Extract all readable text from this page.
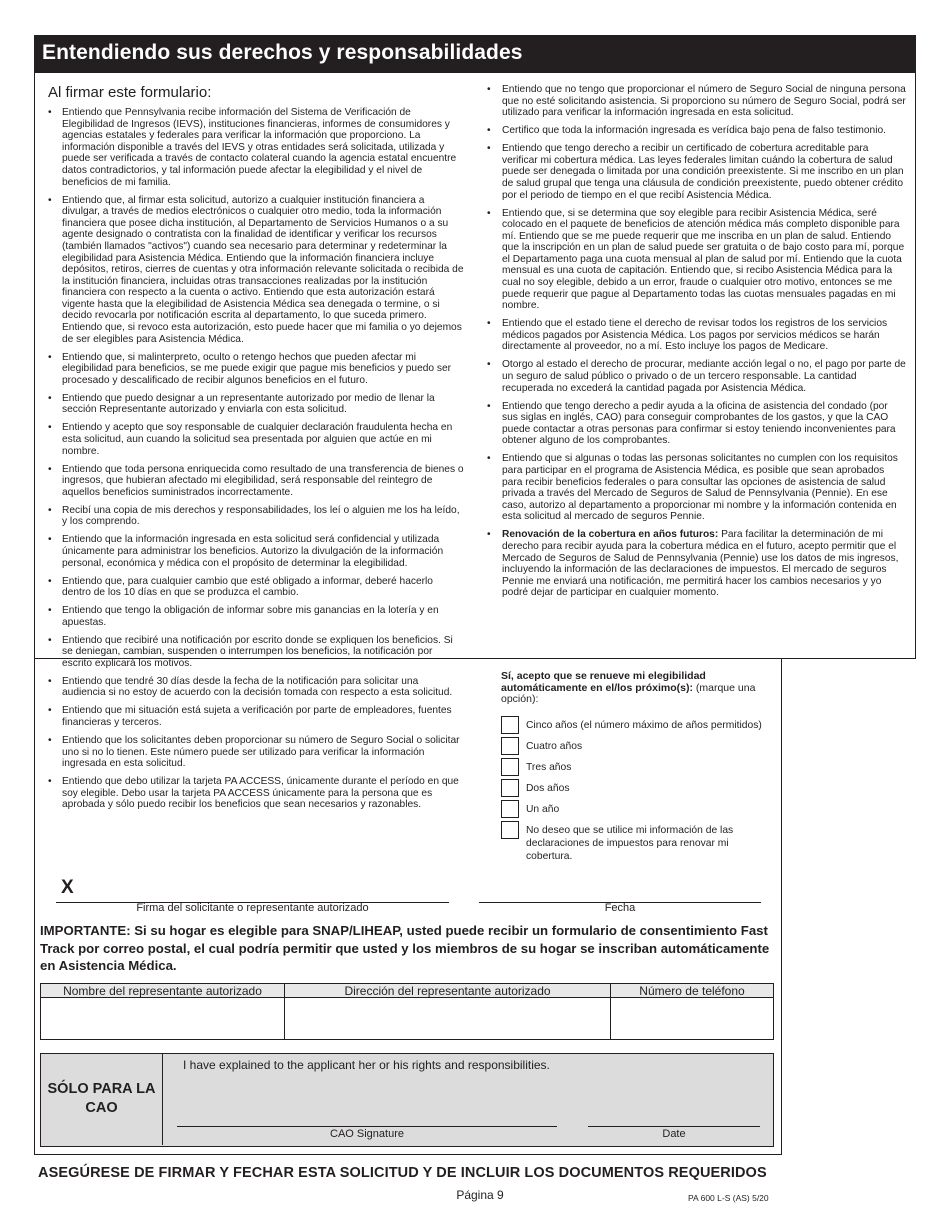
Entendiendo sus derechos y responsabilidades
Al firmar este formulario:
• Entiendo que Pennsylvania recibe información del Sistema de Verificación de Elegibilidad de Ingresos (IEVS), instituciones financieras, informes de consumidores y agencias estatales y federales para verificar la información que proporciono. La información disponible a través del IEVS y otras entidades será solicitada, utilizada y puede ser verificada a través de contacto colateral cuando la agencia estatal encuentre datos contradictorios, y tal información puede afectar la elegibilidad y el nivel de beneficios de mi familia.
• Entiendo que, al firmar esta solicitud, autorizo a cualquier institución financiera a divulgar, a través de medios electrónicos o cualquier otro medio, toda la información financiera que posee dicha institución, al Departamento de Servicios Humanos o a su agente designado o contratista con la finalidad de identificar y verificar los recursos (también llamados "activos") cuando sea necesario para determinar y redeterminar la elegibilidad para Asistencia Médica. Entiendo que la información financiera incluye depósitos, retiros, cierres de cuentas y otra información relevante solicitada o recibida de la institución financiera, incluidas otras transacciones realizadas por la institución financiera con respecto a la cuenta o activo. Entiendo que esta autorización estará vigente hasta que la elegibilidad de Asistencia Médica sea denegada o termine, o si decido revocarla por notificación escrita al departamento, lo que suceda primero. Entiendo que, si revoco esta autorización, esto puede hacer que mi familia o yo dejemos de ser elegibles para Asistencia Médica.
• Entiendo que, si malinterpreto, oculto o retengo hechos que pueden afectar mi elegibilidad para beneficios, se me puede exigir que pague mis beneficios y puedo ser procesado y descalificado de recibir algunos beneficios en el futuro.
• Entiendo que puedo designar a un representante autorizado por medio de llenar la sección Representante autorizado y enviarla con esta solicitud.
• Entiendo y acepto que soy responsable de cualquier declaración fraudulenta hecha en esta solicitud, aun cuando la solicitud sea presentada por alguien que actúe en mi nombre.
• Entiendo que toda persona enriquecida como resultado de una transferencia de bienes o ingresos, que hubieran afectado mi elegibilidad, será responsable del reintegro de aquellos beneficios suministrados incorrectamente.
• Recibí una copia de mis derechos y responsabilidades, los leí o alguien me los ha leído, y los comprendo.
• Entiendo que la información ingresada en esta solicitud será confidencial y utilizada únicamente para administrar los beneficios. Autorizo la divulgación de la información personal, económica y médica con el propósito de determinar la elegibilidad.
• Entiendo que, para cualquier cambio que esté obligado a informar, deberé hacerlo dentro de los 10 días en que se produzca el cambio.
• Entiendo que tengo la obligación de informar sobre mis ganancias en la lotería y en apuestas.
• Entiendo que recibiré una notificación por escrito donde se expliquen los beneficios. Si se deniegan, cambian, suspenden o interrumpen los beneficios, la notificación por escrito explicará los motivos.
• Entiendo que tendré 30 días desde la fecha de la notificación para solicitar una audiencia si no estoy de acuerdo con la decisión tomada con respecto a esta solicitud.
• Entiendo que mi situación está sujeta a verificación por parte de empleadores, fuentes financieras y terceros.
• Entiendo que los solicitantes deben proporcionar su número de Seguro Social o solicitar uno si no lo tienen. Este número puede ser utilizado para verificar la información ingresada en esta solicitud.
• Entiendo que debo utilizar la tarjeta PA ACCESS, únicamente durante el período en que soy elegible. Debo usar la tarjeta PA ACCESS únicamente para la persona que es aprobada y sólo puedo recibir los beneficios que sean necesarios y razonables.
• Entiendo que no tengo que proporcionar el número de Seguro Social de ninguna persona que no esté solicitando asistencia. Si proporciono su número de Seguro Social, podrá ser utilizado para verificar la información ingresada en esta solicitud.
• Certifico que toda la información ingresada es verídica bajo pena de falso testimonio.
• Entiendo que tengo derecho a recibir un certificado de cobertura acreditable para verificar mi cobertura médica. Las leyes federales limitan cuándo la cobertura de salud puede ser denegada o limitada por una condición preexistente. Si me inscribo en un plan de salud grupal que tenga una cláusula de condición preexistente, puedo obtener crédito por el periodo de tiempo en el que recibí Asistencia Médica.
• Entiendo que, si se determina que soy elegible para recibir Asistencia Médica, seré colocado en el paquete de beneficios de atención médica más completo disponible para mí. Entiendo que se me puede requerir que me inscriba en un plan de salud. Entiendo que la inscripción en un plan de salud puede ser gratuita o de bajo costo para mí, porque el Departamento paga una cuota mensual al plan de salud por mí. Entiendo que la cuota mensual es una cuota de capitación. Entiendo que, si recibo Asistencia Médica para la cual no soy elegible, debido a un error, fraude o cualquier otro motivo, entonces se me puede requerir que pague al Departamento todas las cuotas mensuales pagadas en mi nombre.
• Entiendo que el estado tiene el derecho de revisar todos los registros de los servicios médicos pagados por Asistencia Médica. Los pagos por servicios médicos se harán directamente al proveedor, no a mí. Esto incluye los pagos de Medicare.
• Otorgo al estado el derecho de procurar, mediante acción legal o no, el pago por parte de un seguro de salud público o privado o de un tercero responsable. La cantidad recuperada no excederá la cantidad pagada por Asistencia Médica.
• Entiendo que tengo derecho a pedir ayuda a la oficina de asistencia del condado (por sus siglas en inglés, CAO) para conseguir comprobantes de los gastos, y que la CAO puede contactar a otras personas para confirmar si estoy teniendo inconvenientes para obtener alguno de los comprobantes.
• Entiendo que si algunas o todas las personas solicitantes no cumplen con los requisitos para participar en el programa de Asistencia Médica, es posible que sean aprobados para recibir beneficios federales o para consultar las opciones de asistencia de salud privada a través del Mercado de Seguros de Salud de Pennsylvania (Pennie). En ese caso, autorizo al departamento a proporcionar mi nombre y la información contenida en esta solicitud al mercado de seguros Pennie.
• Renovación de la cobertura en años futuros: Para facilitar la determinación de mi derecho para recibir ayuda para la cobertura médica en el futuro, acepto permitir que el Mercado de Seguros de Salud de Pennsylvania (Pennie) use los datos de mis ingresos, incluyendo la información de las declaraciones de impuestos. El mercado de seguros Pennie me enviará una notificación, me permitirá hacer los cambios necesarios y yo podré dejar de participar en cualquier momento.
Sí, acepto que se renueve mi elegibilidad automáticamente en el/los próximo(s): (marque una opción):
Cinco años (el número máximo de años permitidos)
Cuatro años
Tres años
Dos años
Un año
No deseo que se utilice mi información de las declaraciones de impuestos para renovar mi cobertura.
X
Firma del solicitante o representante autorizado	Fecha
IMPORTANTE: Si su hogar es elegible para SNAP/LIHEAP, usted puede recibir un formulario de consentimiento Fast Track por correo postal, el cual podría permitir que usted y los miembros de su hogar se inscriban automáticamente en Asistencia Médica.
Nombre del representante autorizado	Dirección del representante autorizado	Número de teléfono

SÓLO PARA LA CAO
I have explained to the applicant her or his rights and responsibilities.
CAO Signature	Date
ASEGÚRESE DE FIRMAR Y FECHAR ESTA SOLICITUD Y DE INCLUIR LOS DOCUMENTOS REQUERIDOS
Página 9	PA 600 L-S (AS) 5/20
